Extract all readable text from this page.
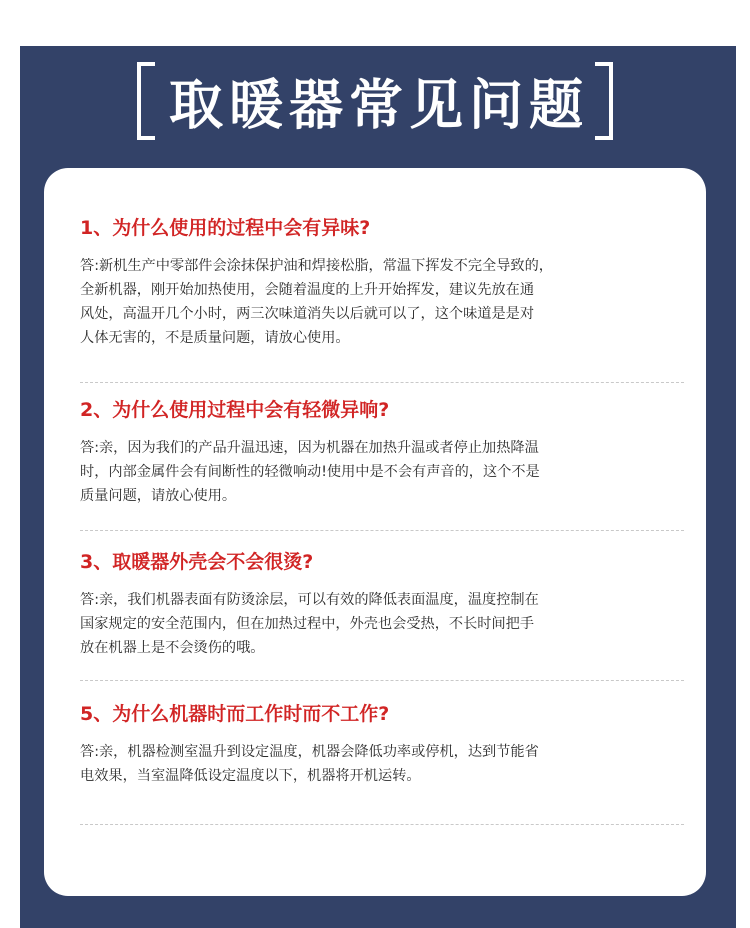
取暖器常见问题

1、为什么使用的过程中会有异味?

答:新机生产中零部件会涂抹保护油和焊接松脂，常温下挥发不完全导致的，
全新机器，刚开始加热使用，会随着温度的上升开始挥发，建议先放在通
风处，高温开几个小时，两三次味道消失以后就可以了，这个味道是是对
人体无害的，不是质量问题，请放心使用。

2、为什么使用过程中会有轻微异响?

答:亲，因为我们的产品升温迅速，因为机器在加热升温或者停止加热降温
时，内部金属件会有间断性的轻微响动!使用中是不会有声音的，这个不是
质量问题，请放心使用。

3、取暖器外壳会不会很烫?

答:亲，我们机器表面有防烫涂层，可以有效的降低表面温度，温度控制在
国家规定的安全范围内，但在加热过程中，外壳也会受热，不长时间把手
放在机器上是不会烫伤的哦。

5、为什么机器时而工作时而不工作?

答:亲，机器检测室温升到设定温度，机器会降低功率或停机，达到节能省
电效果，当室温降低设定温度以下，机器将开机运转。
